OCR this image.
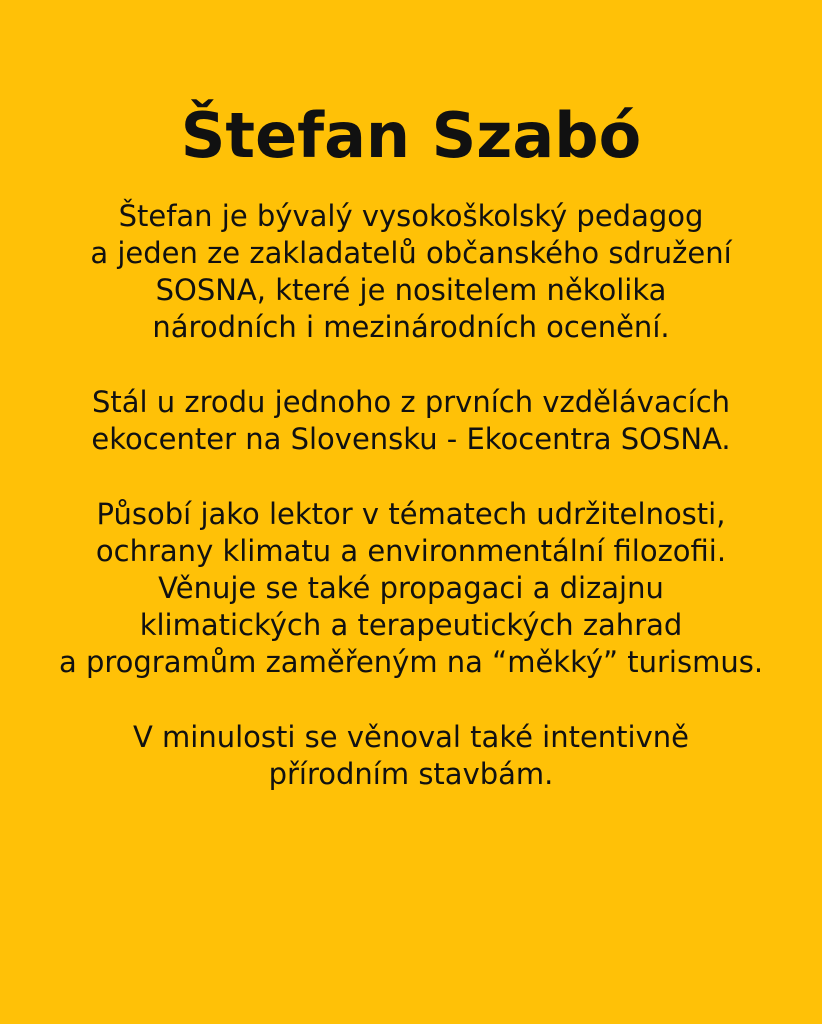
Štefan Szabó

Štefan je bývalý vysokoškolský pedagog
a jeden ze zakladatelů občanského sdružení
SOSNA, které je nositelem několika
národních i mezinárodních ocenění.

Stál u zrodu jednoho z prvních vzdělávacích
ekocenter na Slovensku - Ekocentra SOSNA.

Působí jako lektor v tématech udržitelnosti,
ochrany klimatu a environmentální filozofii.
Věnuje se také propagaci a dizajnu
klimatických a terapeutických zahrad
a programům zaměřeným na “měkký” turismus.

V minulosti se věnoval také intentivně
přírodním stavbám.
